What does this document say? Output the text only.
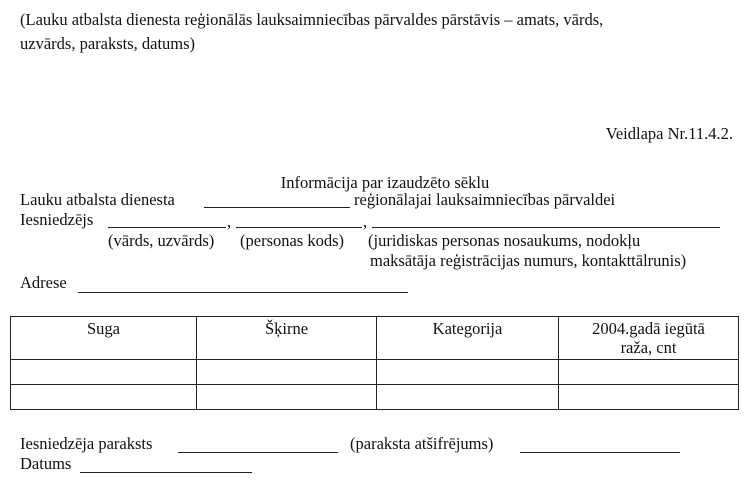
(Lauku atbalsta dienesta reģionālās lauksaimniecības pārvaldes pārstāvis – amats, vārds,
uzvārds, paraksts, datums)
Veidlapa Nr.11.4.2.
Informācija par izaudzēto sēklu
Lauku atbalsta dienesta	reģionālajai lauksaimniecības pārvaldei
Iesniedzējs	,	,
(vārds, uzvārds) (personas kods) (juridiskas personas nosaukums, nodokļu
maksātāja reģistrācijas numurs, kontakttālrunis)
Adrese
Suga	Šķirne	Kategorija	2004.gadā iegūtā raža, cnt

Iesniedzēja paraksts	(paraksta atšifrējums)
Datums
